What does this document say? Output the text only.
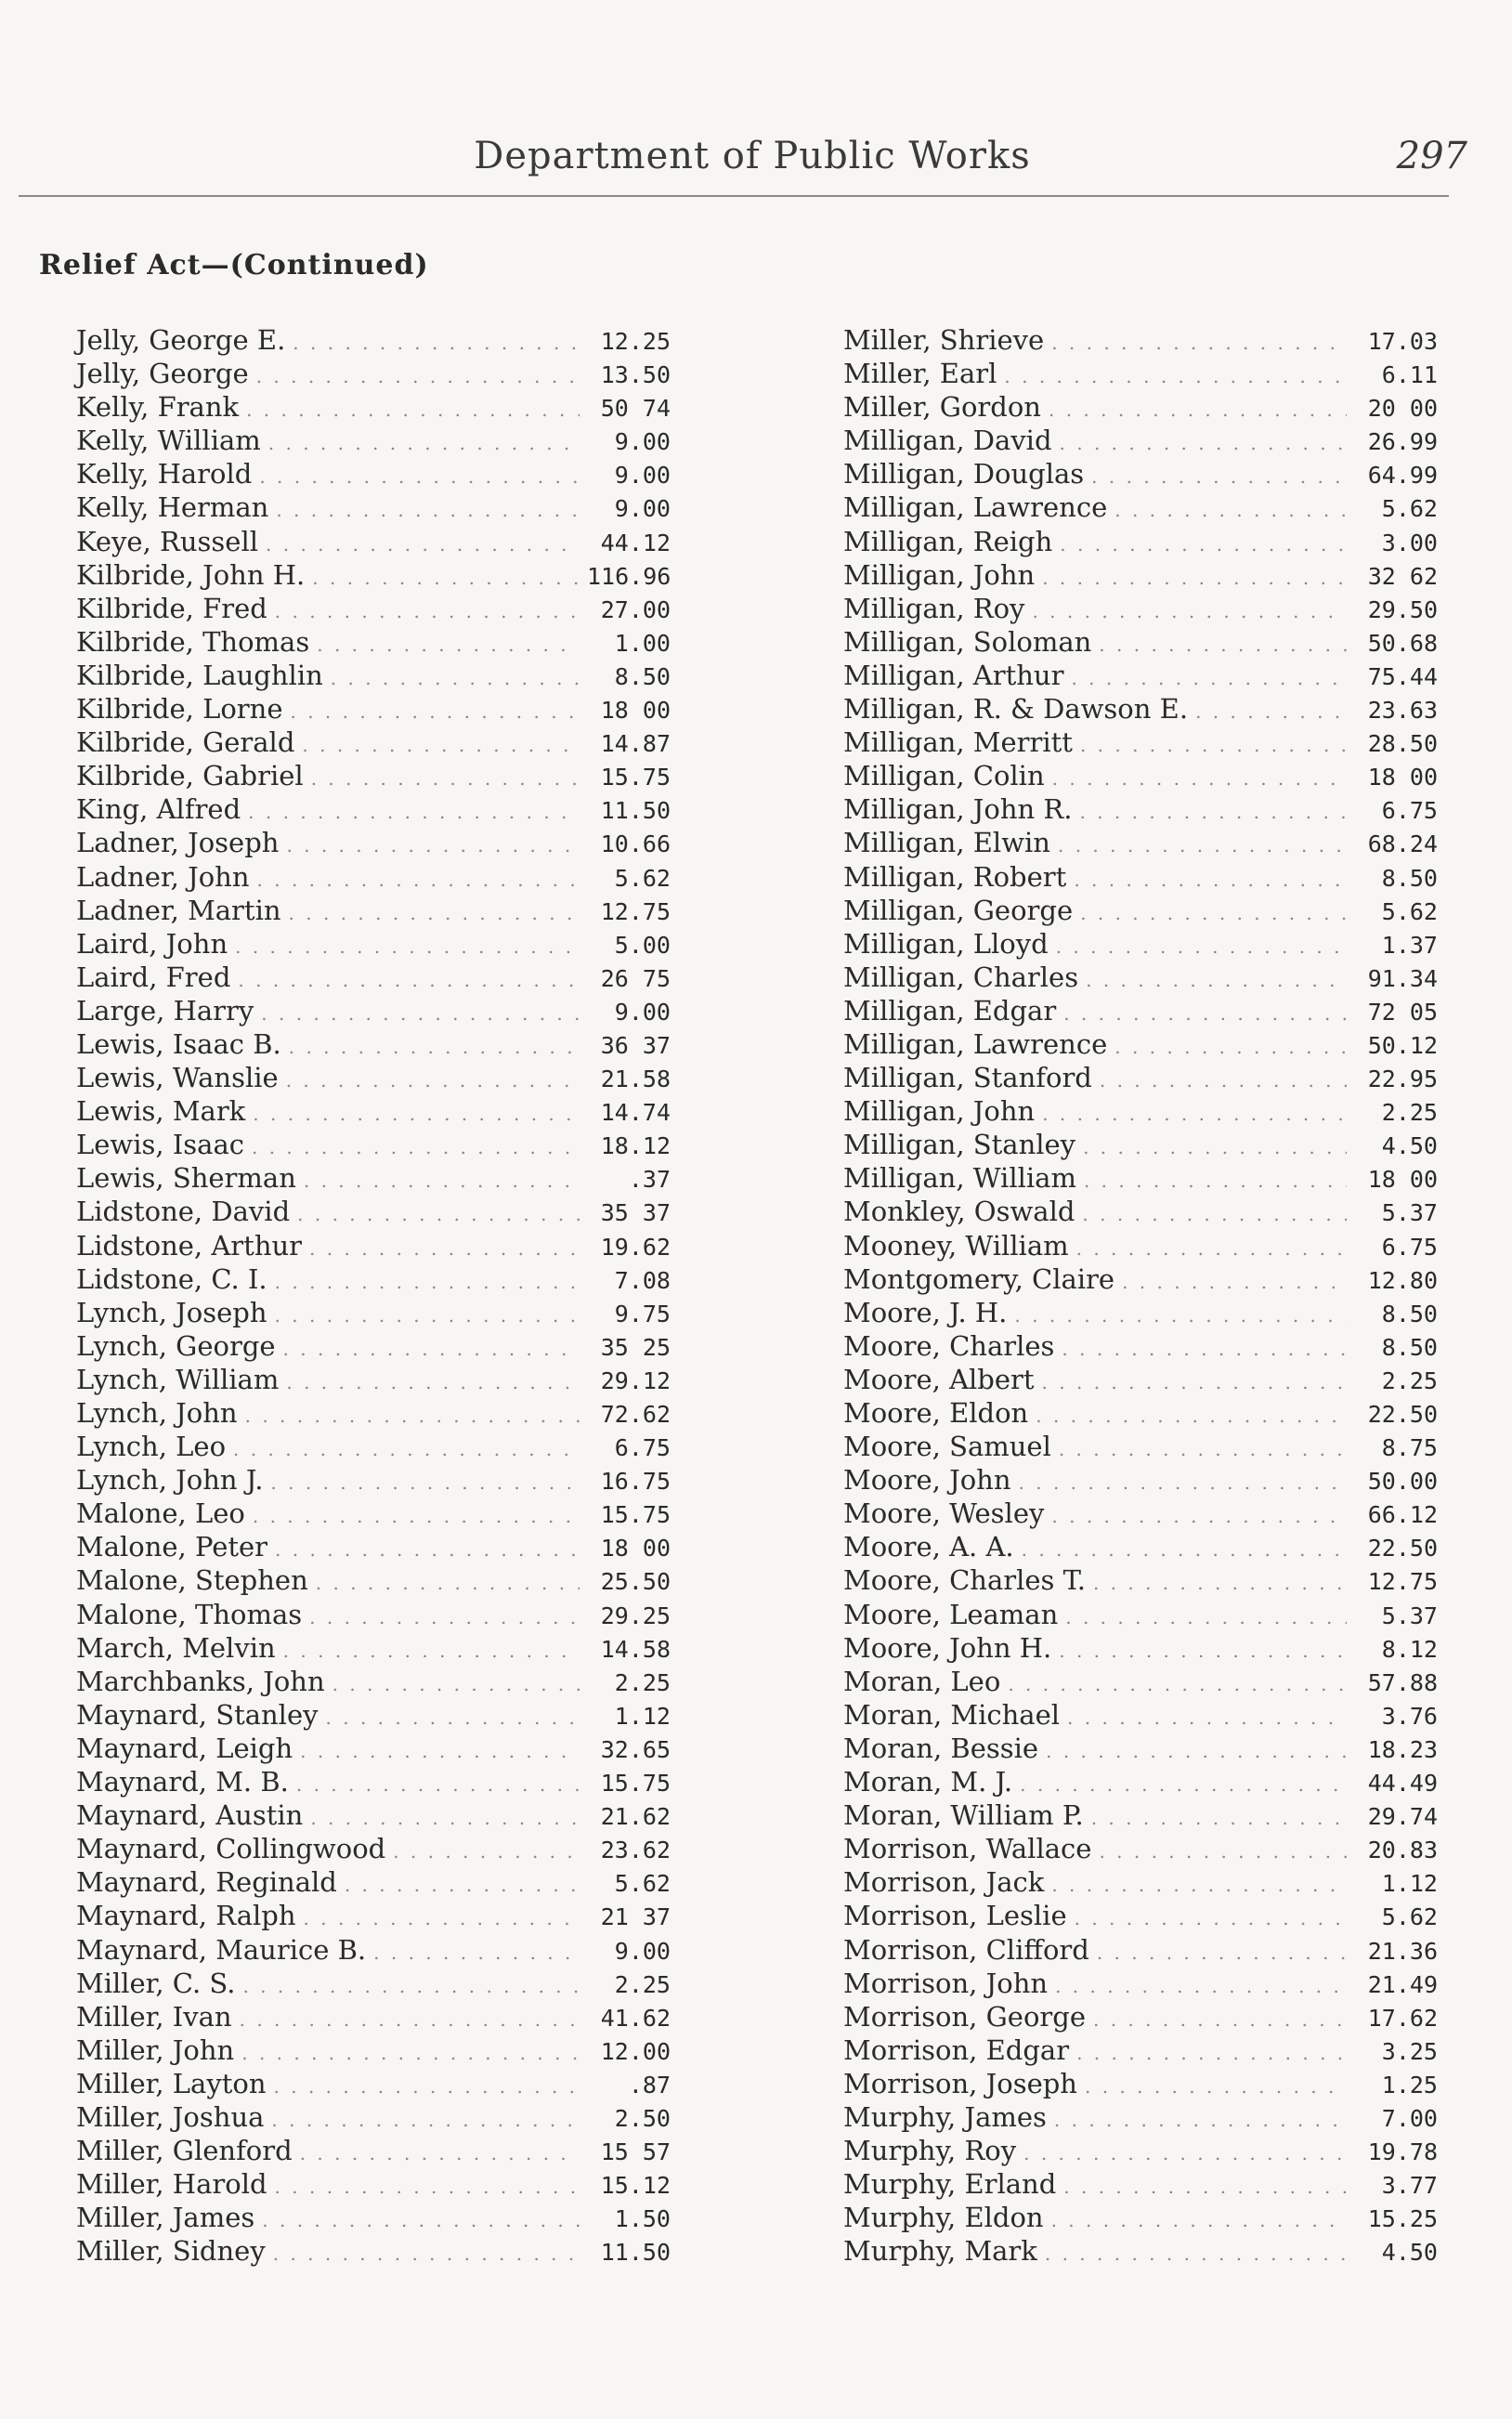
Department of Public Works	297
Relief Act—(Continued)
Jelly, George E. . . .	12.25
Jelly, George . . .	13.50
Kelly, Frank . . .	50 74
Kelly, William . . .	9.00
Kelly, Harold . . .	9.00
Kelly, Herman . . .	9.00
Keye, Russell . . .	44.12
Kilbride, John H. . . .	116.96
Kilbride, Fred . . .	27.00
Kilbride, Thomas . . .	1.00
Kilbride, Laughlin . . .	8.50
Kilbride, Lorne . . .	18 00
Kilbride, Gerald . . .	14.87
Kilbride, Gabriel . . .	15.75
King, Alfred . . .	11.50
Ladner, Joseph . . .	10.66
Ladner, John . . .	5.62
Ladner, Martin . . .	12.75
Laird, John . . .	5.00
Laird, Fred . . .	26 75
Large, Harry . . .	9.00
Lewis, Isaac B. . . .	36 37
Lewis, Wanslie . . .	21.58
Lewis, Mark . . .	14.74
Lewis, Isaac . . .	18.12
Lewis, Sherman . . .	.37
Lidstone, David . . .	35 37
Lidstone, Arthur . . .	19.62
Lidstone, C. I. . . .	7.08
Lynch, Joseph . . .	9.75
Lynch, George . . .	35 25
Lynch, William . . .	29.12
Lynch, John . . .	72.62
Lynch, Leo . . .	6.75
Lynch, John J. . . .	16.75
Malone, Leo . . .	15.75
Malone, Peter . . .	18 00
Malone, Stephen . . .	25.50
Malone, Thomas . . .	29.25
March, Melvin . . .	14.58
Marchbanks, John . . .	2.25
Maynard, Stanley . . .	1.12
Maynard, Leigh . . .	32.65
Maynard, M. B. . . .	15.75
Maynard, Austin . . .	21.62
Maynard, Collingwood . . .	23.62
Maynard, Reginald . . .	5.62
Maynard, Ralph . . .	21 37
Maynard, Maurice B. . . .	9.00
Miller, C. S. . . .	2.25
Miller, Ivan . . .	41.62
Miller, John . . .	12.00
Miller, Layton . . .	.87
Miller, Joshua . . .	2.50
Miller, Glenford . . .	15 57
Miller, Harold . . .	15.12
Miller, James . . .	1.50
Miller, Sidney . . .	11.50
Miller, Shrieve . . .	17.03
Miller, Earl . . .	6.11
Miller, Gordon . . .	20 00
Milligan, David . . .	26.99
Milligan, Douglas . . .	64.99
Milligan, Lawrence . . .	5.62
Milligan, Reigh . . .	3.00
Milligan, John . . .	32 62
Milligan, Roy . . .	29.50
Milligan, Soloman . . .	50.68
Milligan, Arthur . . .	75.44
Milligan, R. & Dawson E. . . .	23.63
Milligan, Merritt . . .	28.50
Milligan, Colin . . .	18 00
Milligan, John R. . . .	6.75
Milligan, Elwin . . .	68.24
Milligan, Robert . . .	8.50
Milligan, George . . .	5.62
Milligan, Lloyd . . .	1.37
Milligan, Charles . . .	91.34
Milligan, Edgar . . .	72 05
Milligan, Lawrence . . .	50.12
Milligan, Stanford . . .	22.95
Milligan, John . . .	2.25
Milligan, Stanley . . .	4.50
Milligan, William . . .	18 00
Monkley, Oswald . . .	5.37
Mooney, William . . .	6.75
Montgomery, Claire . . .	12.80
Moore, J. H. . . .	8.50
Moore, Charles . . .	8.50
Moore, Albert . . .	2.25
Moore, Eldon . . .	22.50
Moore, Samuel . . .	8.75
Moore, John . . .	50.00
Moore, Wesley . . .	66.12
Moore, A. A. . . .	22.50
Moore, Charles T. . . .	12.75
Moore, Leaman . . .	5.37
Moore, John H. . . .	8.12
Moran, Leo . . .	57.88
Moran, Michael . . .	3.76
Moran, Bessie . . .	18.23
Moran, M. J. . . .	44.49
Moran, William P. . . .	29.74
Morrison, Wallace . . .	20.83
Morrison, Jack . . .	1.12
Morrison, Leslie . . .	5.62
Morrison, Clifford . . .	21.36
Morrison, John . . .	21.49
Morrison, George . . .	17.62
Morrison, Edgar . . .	3.25
Morrison, Joseph . . .	1.25
Murphy, James . . .	7.00
Murphy, Roy . . .	19.78
Murphy, Erland . . .	3.77
Murphy, Eldon . . .	15.25
Murphy, Mark . . .	4.50
